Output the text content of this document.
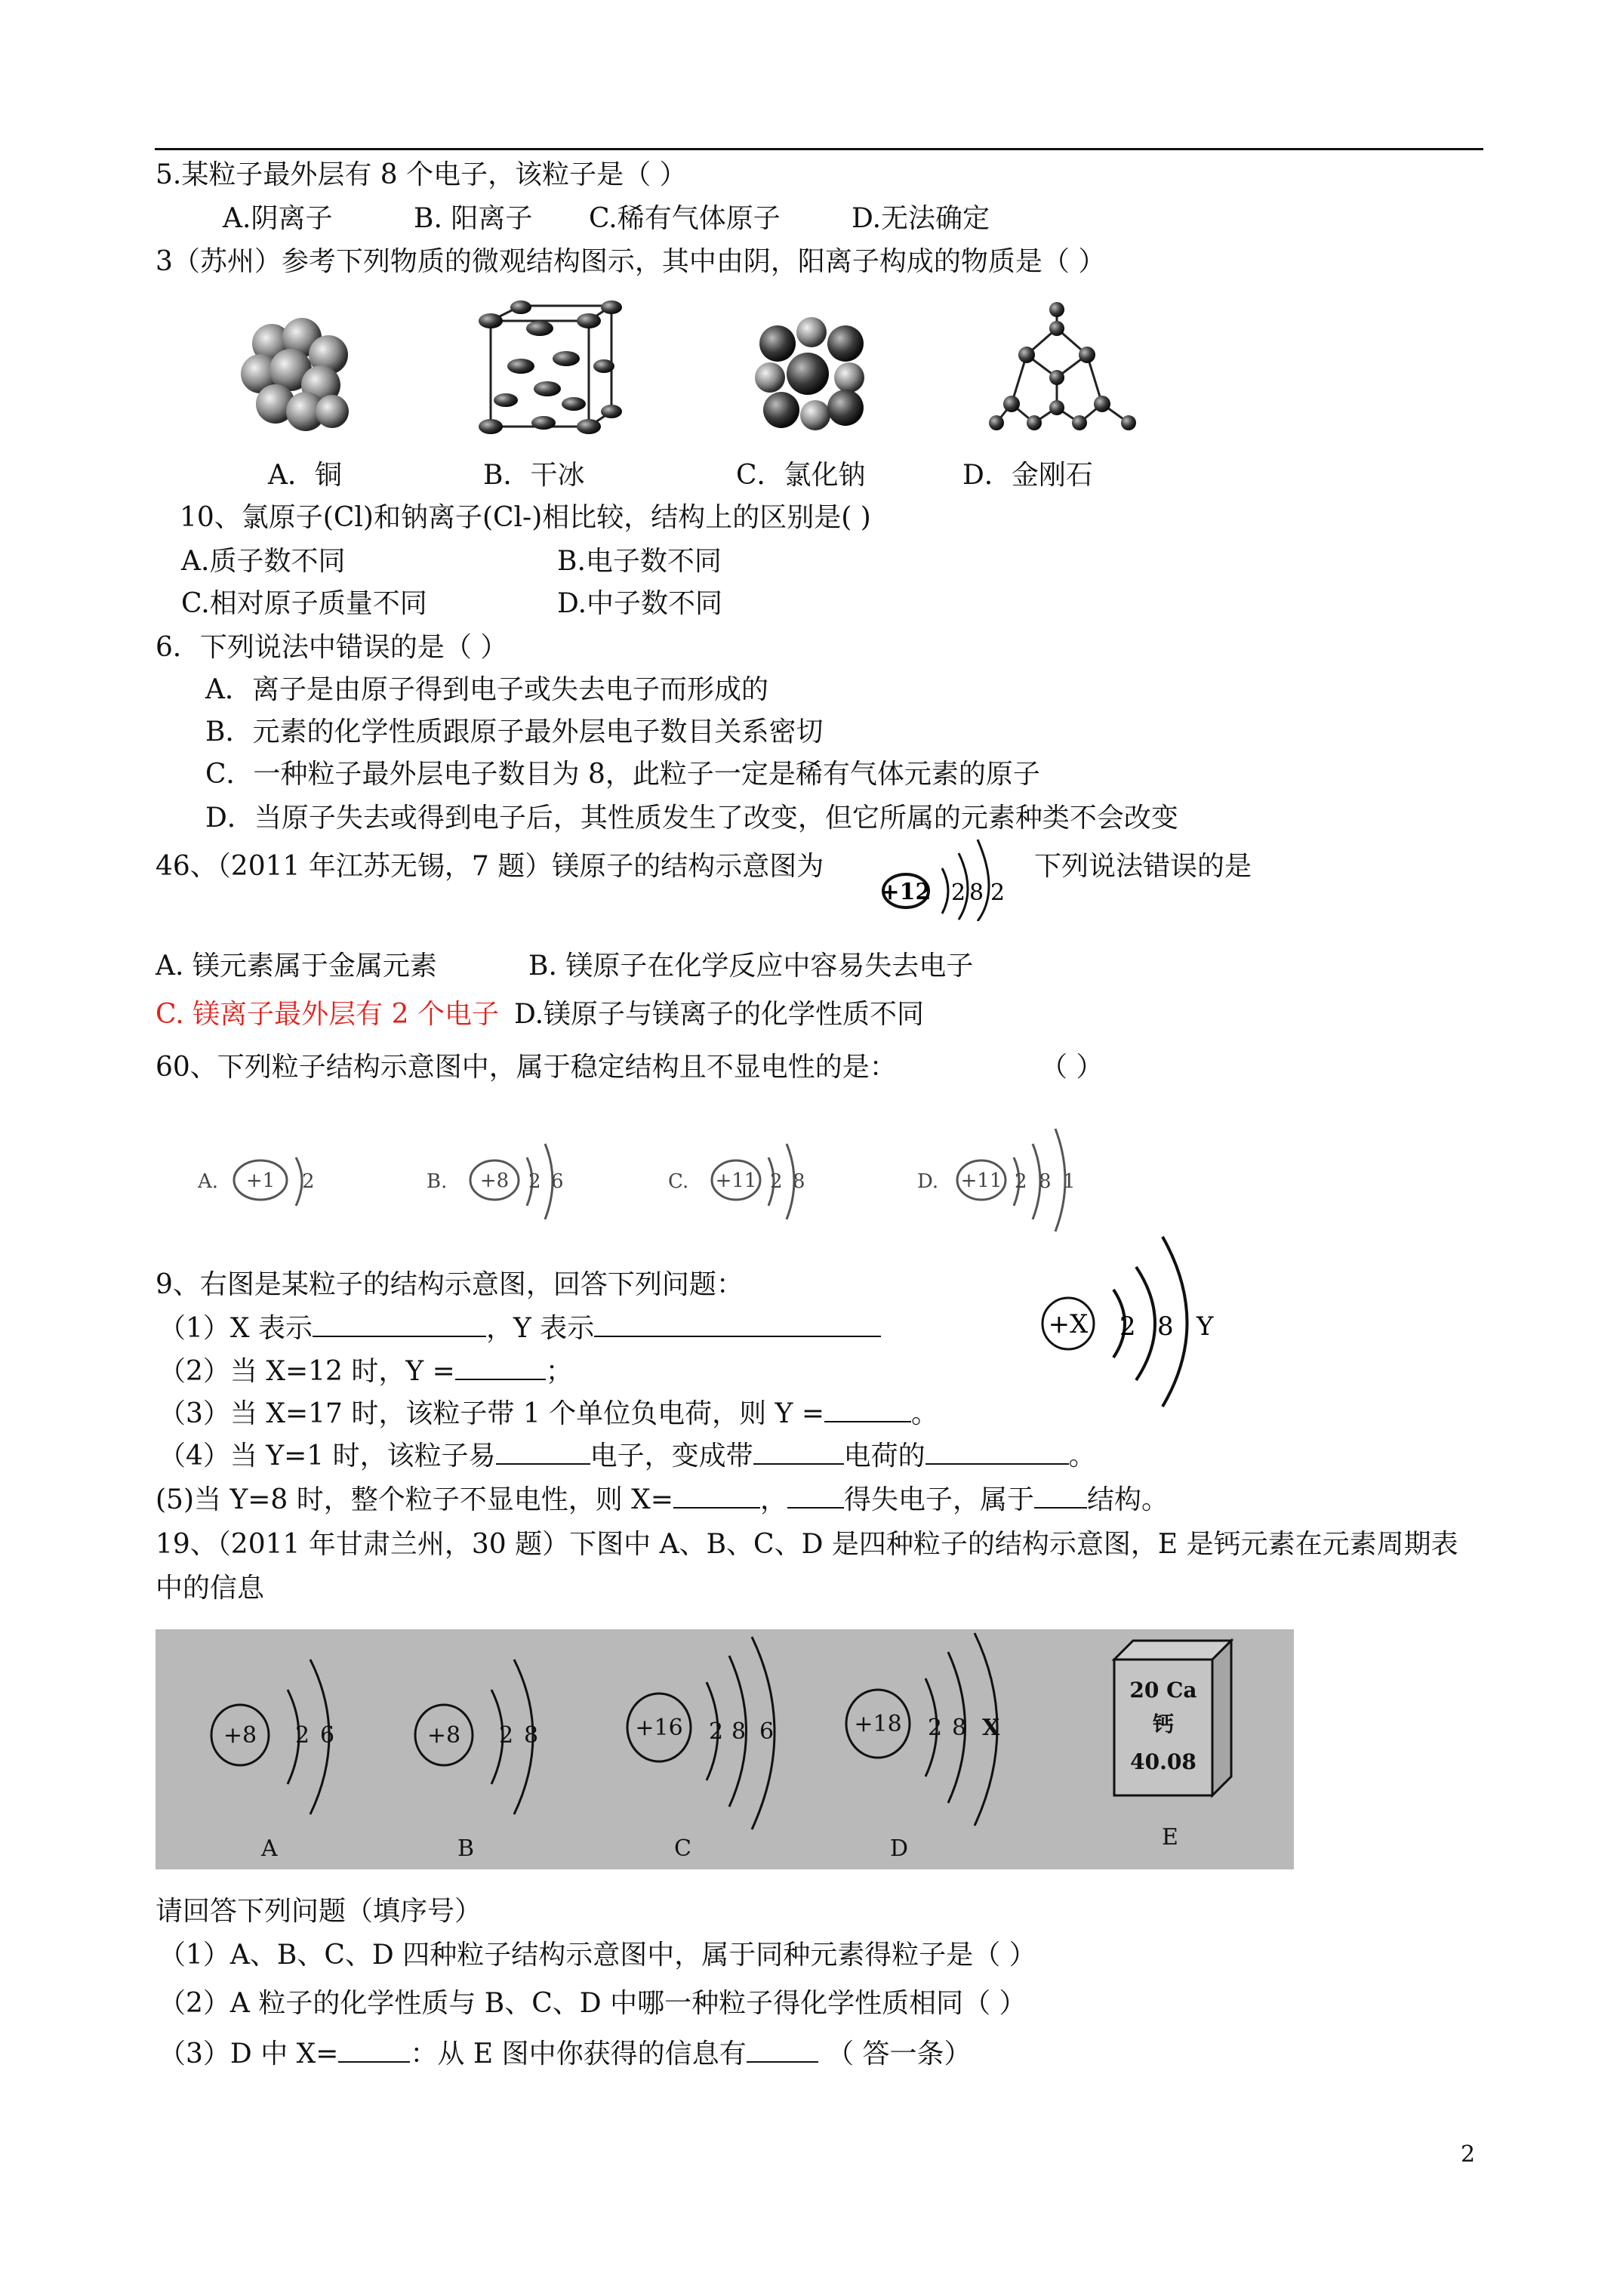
5.某粒子最外层有 8 个电子，该粒子是（ ）
A.阴离子	B. 阳离子 C.稀有气体原子	D.无法确定
3（苏州）参考下列物质的微观结构图示，其中由阴，阳离子构成的物质是（ ）
A．铜	B．干冰	C．氯化钠	D．金刚石
10、氯原子(Cl)和钠离子(Cl-)相比较，结构上的区别是( )
A.质子数不同	B.电子数不同
C.相对原子质量不同	D.中子数不同
6．下列说法中错误的是（ ）
A．离子是由原子得到电子或失去电子而形成的
B．元素的化学性质跟原子最外层电子数目关系密切
C．一种粒子最外层电子数目为 8，此粒子一定是稀有气体元素的原子
D．当原子失去或得到电子后，其性质发生了改变，但它所属的元素种类不会改变
46、（2011 年江苏无锡，7 题）镁原子的结构示意图为
+12 2 8 2
下列说法错误的是
A. 镁元素属于金属元素	B. 镁原子在化学反应中容易失去电子
C. 镁离子最外层有 2 个电子 D.镁原子与镁离子的化学性质不同
60、下列粒子结构示意图中，属于稳定结构且不显电性的是：	（ ）
A. +1 2	B. +8 2 6	C. +11 2 8	D. +11 2 8 1
9、右图是某粒子的结构示意图，回答下列问题：
+X 2 8 Y
（1）X 表示	，Y 表示
（2）当 X=12 时，Y =	；
（3）当 X=17 时，该粒子带 1 个单位负电荷，则 Y =	。
（4）当 Y=1 时，该粒子易	电子，变成带	电荷的	。
(5)当 Y=8 时，整个粒子不显电性，则 X=	， 得失电子，属于 结构。
19、（2011 年甘肃兰州，30 题）下图中 A、B、C、D 是四种粒子的结构示意图，E 是钙元素在元素周期表
中的信息
+8 2 6
A
+8 2 8
B
+16 2 8 6
C
+18 2 8 X
D
20 Ca
钙
40.08
E
请回答下列问题（填序号）
（1）A、B、C、D 四种粒子结构示意图中，属于同种元素得粒子是（ ）
（2）A 粒子的化学性质与 B、C、D 中哪一种粒子得化学性质相同（ ）
（3）D 中 X=	：从 E 图中你获得的信息有	（ 答一条）
2
